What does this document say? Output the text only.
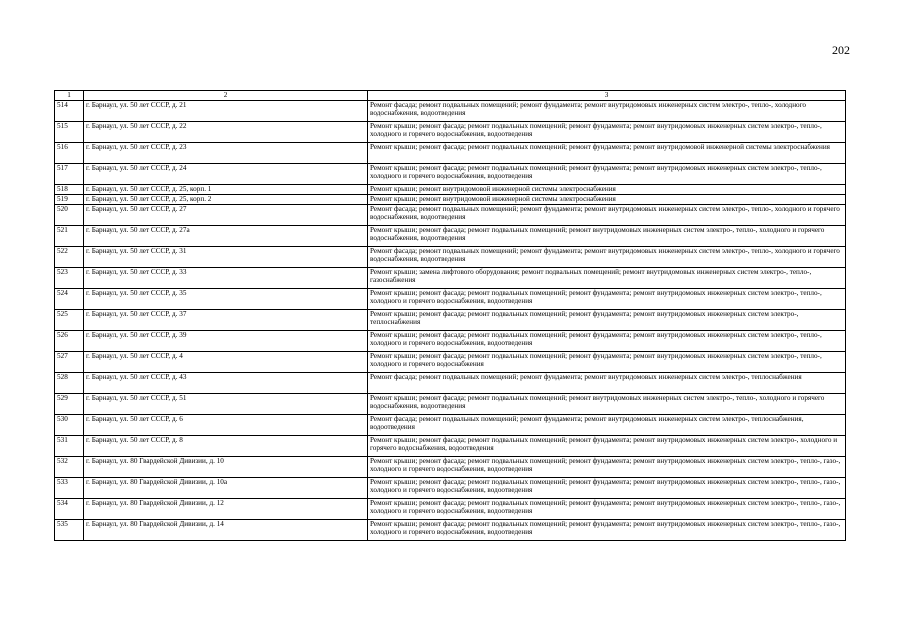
202
1	2	3
514	г. Барнаул, ул. 50 лет СССР, д. 21	Ремонт фасада; ремонт подвальных помещений; ремонт фундамента; ремонт внутридомовых инженерных систем электро-, тепло-, холодного водоснабжения, водоотведения
515	г. Барнаул, ул. 50 лет СССР, д. 22	Ремонт крыши; ремонт фасада; ремонт подвальных помещений; ремонт фундамента; ремонт внутридомовых инженерных систем электро-, тепло-, холодного и горячего водоснабжения, водоотведения
516	г. Барнаул, ул. 50 лет СССР, д. 23	Ремонт крыши; ремонт фасада; ремонт подвальных помещений; ремонт фундамента; ремонт внутридомовой инженерной системы электроснабжения
517	г. Барнаул, ул. 50 лет СССР, д. 24	Ремонт крыши; ремонт фасада; ремонт подвальных помещений; ремонт фундамента; ремонт внутридомовых инженерных систем электро-, тепло-, холодного и горячего водоснабжения, водоотведения
518	г. Барнаул, ул. 50 лет СССР, д. 25, корп. 1	Ремонт крыши; ремонт внутридомовой инженерной системы электроснабжения
519	г. Барнаул, ул. 50 лет СССР, д. 25, корп. 2	Ремонт крыши; ремонт внутридомовой инженерной системы электроснабжения
520	г. Барнаул, ул. 50 лет СССР, д. 27	Ремонт фасада; ремонт подвальных помещений; ремонт фундамента; ремонт внутридомовых инженерных систем электро-, тепло-, холодного и горячего водоснабжения, водоотведения
521	г. Барнаул, ул. 50 лет СССР, д. 27а	Ремонт крыши; ремонт фасада; ремонт подвальных помещений; ремонт внутридомовых инженерных систем электро-, тепло-, холодного и горячего водоснабжения, водоотведения
522	г. Барнаул, ул. 50 лет СССР, д. 31	Ремонт фасада; ремонт подвальных помещений; ремонт фундамента; ремонт внутридомовых инженерных систем электро-, тепло-, холодного и горячего водоснабжения, водоотведения
523	г. Барнаул, ул. 50 лет СССР, д. 33	Ремонт крыши; замена лифтового оборудования; ремонт подвальных помещений; ремонт внутридомовых инженерных систем электро-, тепло-, газоснабжения
524	г. Барнаул, ул. 50 лет СССР, д. 35	Ремонт крыши; ремонт фасада; ремонт подвальных помещений; ремонт фундамента; ремонт внутридомовых инженерных систем электро-, тепло-, холодного и горячего водоснабжения, водоотведения
525	г. Барнаул, ул. 50 лет СССР, д. 37	Ремонт крыши; ремонт фасада; ремонт подвальных помещений; ремонт фундамента; ремонт внутридомовых инженерных систем электро-, теплоснабжения
526	г. Барнаул, ул. 50 лет СССР, д. 39	Ремонт крыши; ремонт фасада; ремонт подвальных помещений; ремонт фундамента; ремонт внутридомовых инженерных систем электро-, тепло-, холодного и горячего водоснабжения, водоотведения
527	г. Барнаул, ул. 50 лет СССР, д. 4	Ремонт крыши; ремонт фасада; ремонт подвальных помещений; ремонт фундамента; ремонт внутридомовых инженерных систем электро-, тепло-, холодного и горячего водоснабжения
528	г. Барнаул, ул. 50 лет СССР, д. 43	Ремонт фасада; ремонт подвальных помещений; ремонт фундамента; ремонт внутридомовых инженерных систем электро-, теплоснабжения
529	г. Барнаул, ул. 50 лет СССР, д. 51	Ремонт крыши; ремонт фасада; ремонт подвальных помещений; ремонт внутридомовых инженерных систем электро-, тепло-, холодного и горячего водоснабжения, водоотведения
530	г. Барнаул, ул. 50 лет СССР, д. 6	Ремонт фасада; ремонт подвальных помещений; ремонт фундамента; ремонт внутридомовых инженерных систем электро-, теплоснабжения, водоотведения
531	г. Барнаул, ул. 50 лет СССР, д. 8	Ремонт крыши; ремонт фасада; ремонт подвальных помещений; ремонт фундамента; ремонт внутридомовых инженерных систем электро-, холодного и горячего водоснабжения, водоотведения
532	г. Барнаул, ул. 80 Гвардейской Дивизии, д. 10	Ремонт крыши; ремонт фасада; ремонт подвальных помещений; ремонт фундамента; ремонт внутридомовых инженерных систем электро-, тепло-, газо-, холодного и горячего водоснабжения, водоотведения
533	г. Барнаул, ул. 80 Гвардейской Дивизии, д. 10а	Ремонт крыши; ремонт фасада; ремонт подвальных помещений; ремонт фундамента; ремонт внутридомовых инженерных систем электро-, тепло-, газо-, холодного и горячего водоснабжения, водоотведения
534	г. Барнаул, ул. 80 Гвардейской Дивизии, д. 12	Ремонт крыши; ремонт фасада; ремонт подвальных помещений; ремонт фундамента; ремонт внутридомовых инженерных систем электро-, тепло-, газо-, холодного и горячего водоснабжения, водоотведения
535	г. Барнаул, ул. 80 Гвардейской Дивизии, д. 14	Ремонт крыши; ремонт фасада; ремонт подвальных помещений; ремонт фундамента; ремонт внутридомовых инженерных систем электро-, тепло-, газо-, холодного и горячего водоснабжения, водоотведения
